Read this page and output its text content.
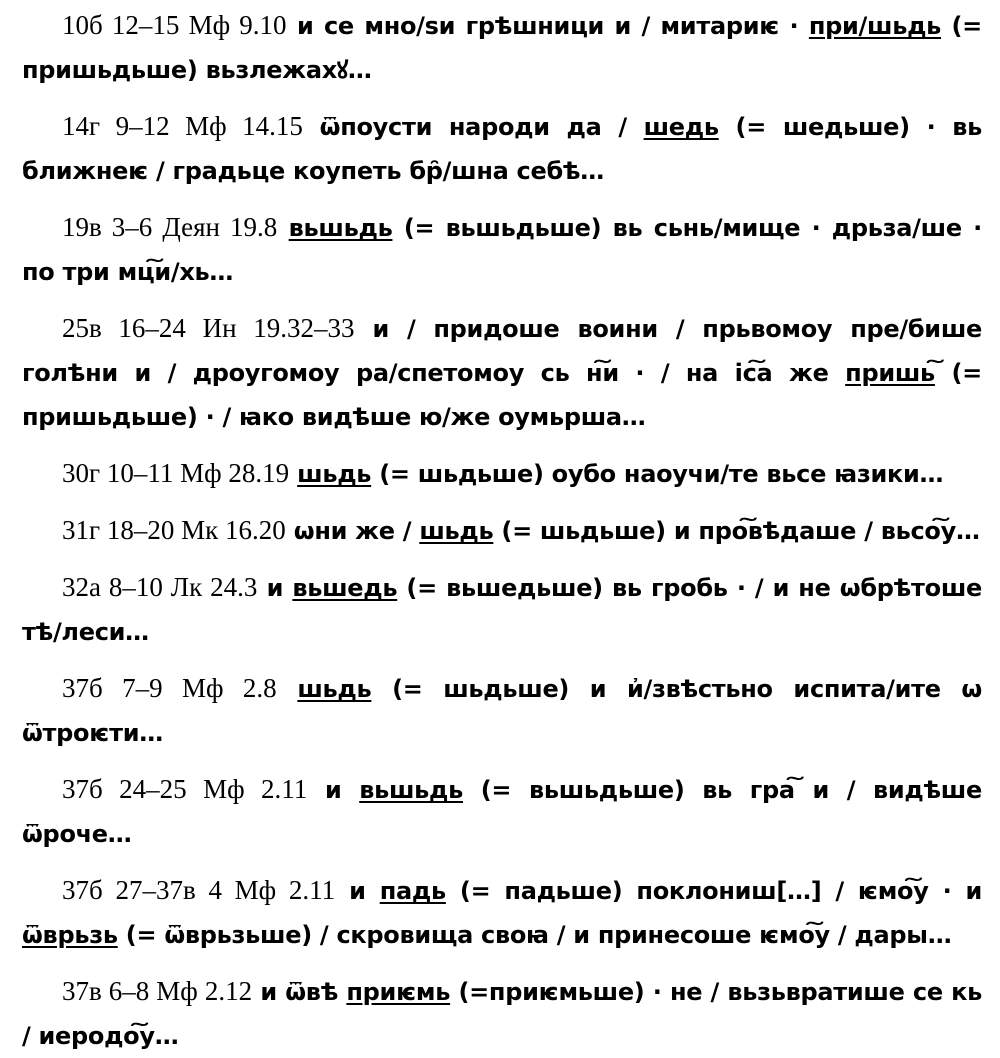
10б 12–15 Мф 9.10 и се мно/ѕи грѣшници и / митариѥ · при/шьдь (= пришьдьше) вьзлежахꙋ…

14г 9–12 Мф 14.15 ѿпоусти народи да / шедь (= шедьше) · вь ближнеѥ / градьце коупеть бр̑/шна себѣ…

19в 3–6 Деян 19.8 вьшьдь (= вьшьдьше) вь сьнь/мище · дрьза/ше · по три мц͠и/хь…

25в 16–24 Ин 19.32–33 и / придоше воини / прьвомоу пре/бише голѣни и / дроугомоу ра/спетомоу сь н͠и · / на іс͠а же пришь͠ (= пришьдьше) · / ꙗко видѣше ю/же оумьрша…

30г 10–11 Мф 28.19 шьдь (= шьдьше) оубо наоучи/те вьсе ꙗзики…

31г 18–20 Мк 16.20 ѡни же / шьдь (= шьдьше) и про͠вѣдаше / вьсо͠у…

32а 8–10 Лк 24.3 и вьшедь (= вьшедьше) вь гробь · / и не ѡбрѣтоше тѣ/леси…

37б 7–9 Мф 2.8 шьдь (= шьдьше) и и҆/звѣстьно испита/ите ѡ ѿтроѥти…

37б 24–25 Мф 2.11 и вьшьдь (= вьшьдьше) вь гра͠ и / видѣше ѿроче…

37б 27–37в 4 Мф 2.11 и падь (= падьше) поклониш[…] / ѥмо͠у · и ѿврьзь (= ѿврьзьше) / скровища своꙗ / и принесоше ѥмо͠у / дары…

37в 6–8 Мф 2.12 и ѿвѣ приѥмь (=приѥмьше) · не / вьзьвратише се кь / иеродо͠у…
